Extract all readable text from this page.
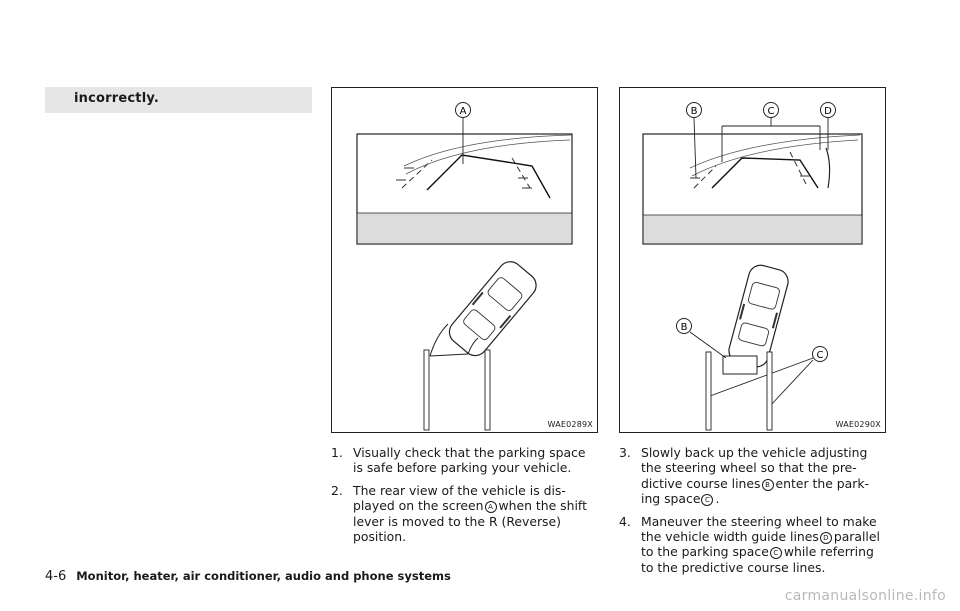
incorrectly.
A
WAE0289X
B	C	D
B
C
WAE0290X
1. Visually check that the parking space is safe before parking your vehicle.
2. The rear view of the vehicle is dis- played on the screen A when the shift lever is moved to the R (Reverse) position.
3. Slowly back up the vehicle adjusting the steering wheel so that the pre- dictive course lines B enter the park- ing space C .
4. Maneuver the steering wheel to make the vehicle width guide lines D parallel to the parking space C while referring to the predictive course lines.
4-6 Monitor, heater, air conditioner, audio and phone systems
carmanualsonline.info
